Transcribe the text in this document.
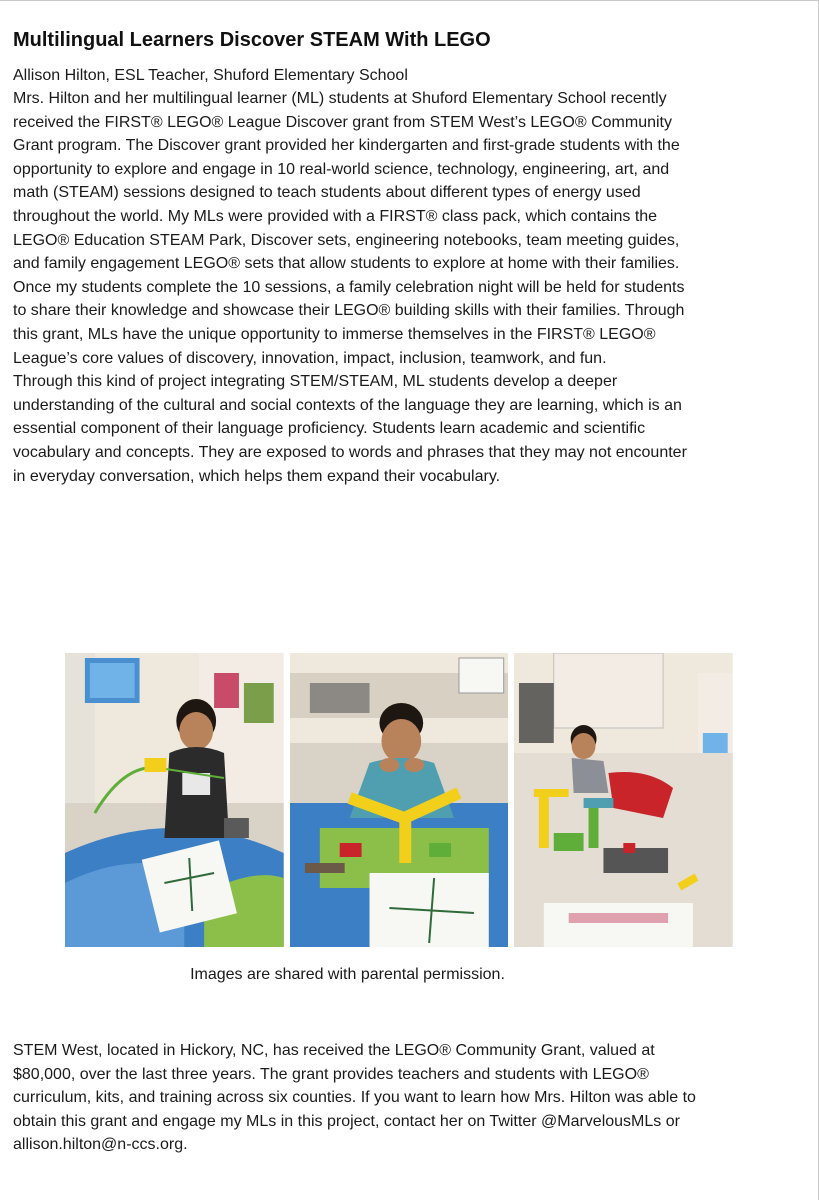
Multilingual Learners Discover STEAM With LEGO
Allison Hilton, ESL Teacher, Shuford Elementary School

Mrs. Hilton and her multilingual learner (ML) students at Shuford Elementary School recently received the FIRST® LEGO® League Discover grant from STEM West’s LEGO® Community Grant program. The Discover grant provided her kindergarten and first-grade students with the opportunity to explore and engage in 10 real-world science, technology, engineering, art, and math (STEAM) sessions designed to teach students about different types of energy used throughout the world. My MLs were provided with a FIRST® class pack, which contains the LEGO® Education STEAM Park, Discover sets, engineering notebooks, team meeting guides, and family engagement LEGO® sets that allow students to explore at home with their families. Once my students complete the 10 sessions, a family celebration night will be held for students to share their knowledge and showcase their LEGO® building skills with their families. Through this grant, MLs have the unique opportunity to immerse themselves in the FIRST® LEGO® League’s core values of discovery, innovation, impact, inclusion, teamwork, and fun.

Through this kind of project integrating STEM/STEAM, ML students develop a deeper understanding of the cultural and social contexts of the language they are learning, which is an essential component of their language proficiency. Students learn academic and scientific vocabulary and concepts. They are exposed to words and phrases that they may not encounter in everyday conversation, which helps them expand their vocabulary.

Images are shared with parental permission.

STEM West, located in Hickory, NC, has received the LEGO® Community Grant, valued at $80,000, over the last three years. The grant provides teachers and students with LEGO® curriculum, kits, and training across six counties. If you want to learn how Mrs. Hilton was able to obtain this grant and engage my MLs in this project, contact her on Twitter @MarvelousMLs or allison.hilton@n-ccs.org.
